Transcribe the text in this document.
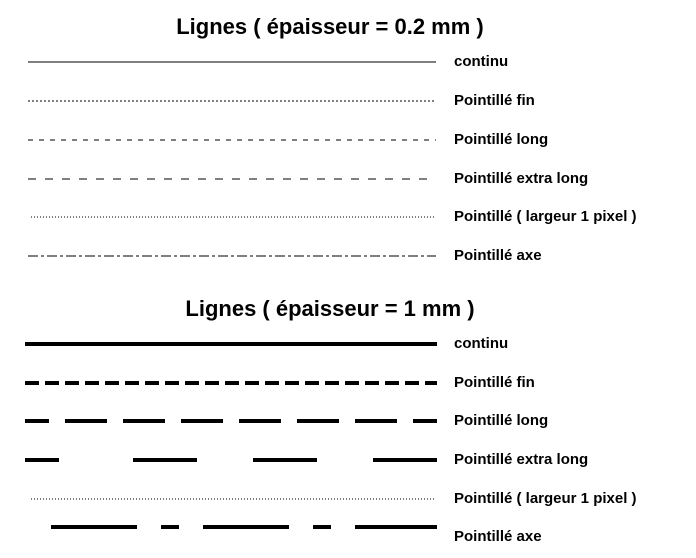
Lignes ( épaisseur = 0.2 mm )
Lignes ( épaisseur = 1 mm )
continu
Pointillé fin
Pointillé long
Pointillé extra long
Pointillé ( largeur 1 pixel )
Pointillé axe
continu
Pointillé fin
Pointillé long
Pointillé extra long
Pointillé ( largeur 1 pixel )
Pointillé axe
